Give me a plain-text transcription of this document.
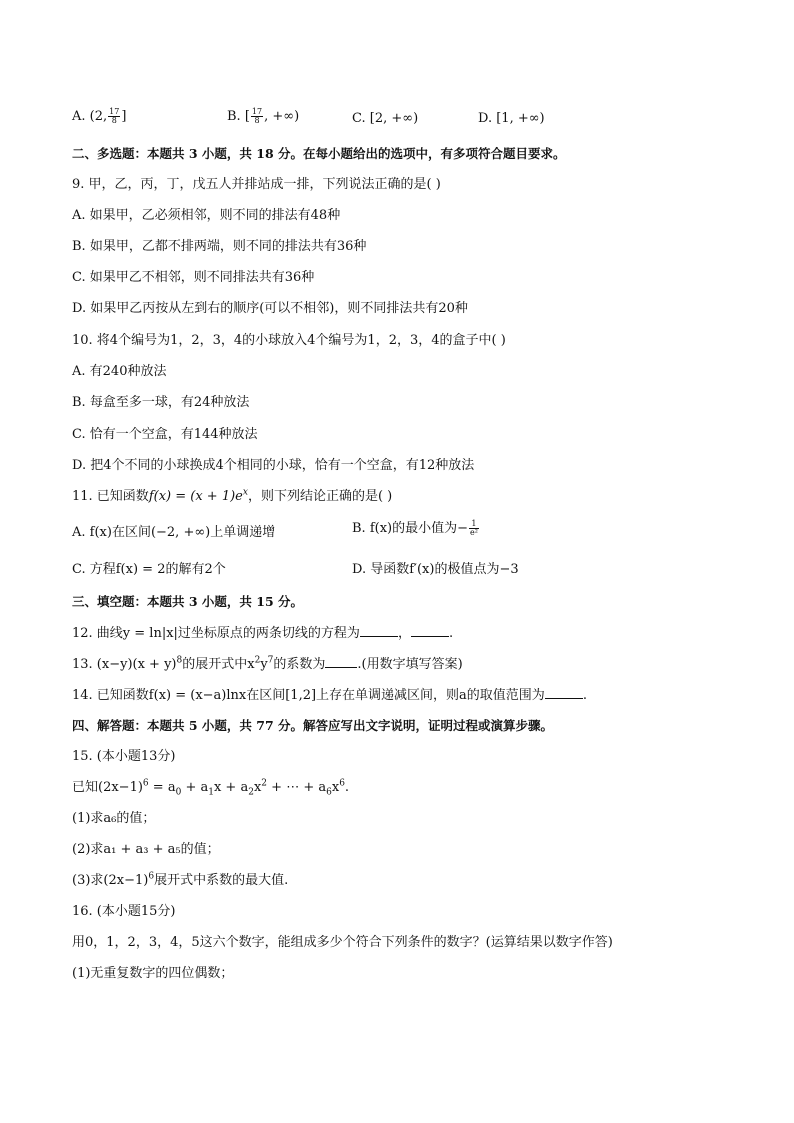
A. (2, $\frac{17}{8}$ ]	B. [ $\frac{17}{8}$ , +∞)	C. [2, +∞)	D. [1, +∞)
二、多选题：本题共 3 小题，共 18 分。在每小题给出的选项中，有多项符合题目要求。
9. 甲，乙，丙，丁，戊五人并排站成一排，下列说法正确的是( )
A. 如果甲，乙必须相邻，则不同的排法有48种
B. 如果甲，乙都不排两端，则不同的排法共有36种
C. 如果甲乙不相邻，则不同排法共有36种
D. 如果甲乙丙按从左到右的顺序(可以不相邻)，则不同排法共有20种
10. 将4个编号为1，2，3，4的小球放入4个编号为1，2，3，4的盒子中( )
A. 有240种放法
B. 每盒至多一球，有24种放法
C. 恰有一个空盒，有144种放法
D. 把4个不同的小球换成4个相同的小球，恰有一个空盒，有12种放法
11. 已知函数$f(x) = (x + 1)e^x$，则下列结论正确的是( )
A. f(x)在区间(−2, +∞)上单调递增	B. f(x)的最小值为− $\frac{1}{\text{e²}}$
C. 方程f(x) = 2的解有2个	D. 导函数f′(x)的极值点为−3
三、填空题：本题共 3 小题，共 15 分。
12. 曲线y = ln|x|过坐标原点的两条切线的方程为	，	.
13. $(x-y)(x + y)^8$的展开式中$x^2y^7$的系数为 .(用数字填写答案)
14. 已知函数f(x) = (x−a)lnx在区间[1,2]上存在单调递减区间，则a的取值范围为	.
四、解答题：本题共 5 小题，共 77 分。解答应写出文字说明，证明过程或演算步骤。
15. (本小题13分)
已知$(2x-1)^6 = a_0 + a_1x + a_2x^2$ + ⋯ + $a_6x^6$.
(1)求a₆的值；
(2)求a₁ + a₃ + a₅的值；
(3)求$(2x-1)^6$展开式中系数的最大值.
16. (本小题15分)
用0，1，2，3，4，5这六个数字，能组成多少个符合下列条件的数字？(运算结果以数字作答)
(1)无重复数字的四位偶数；
